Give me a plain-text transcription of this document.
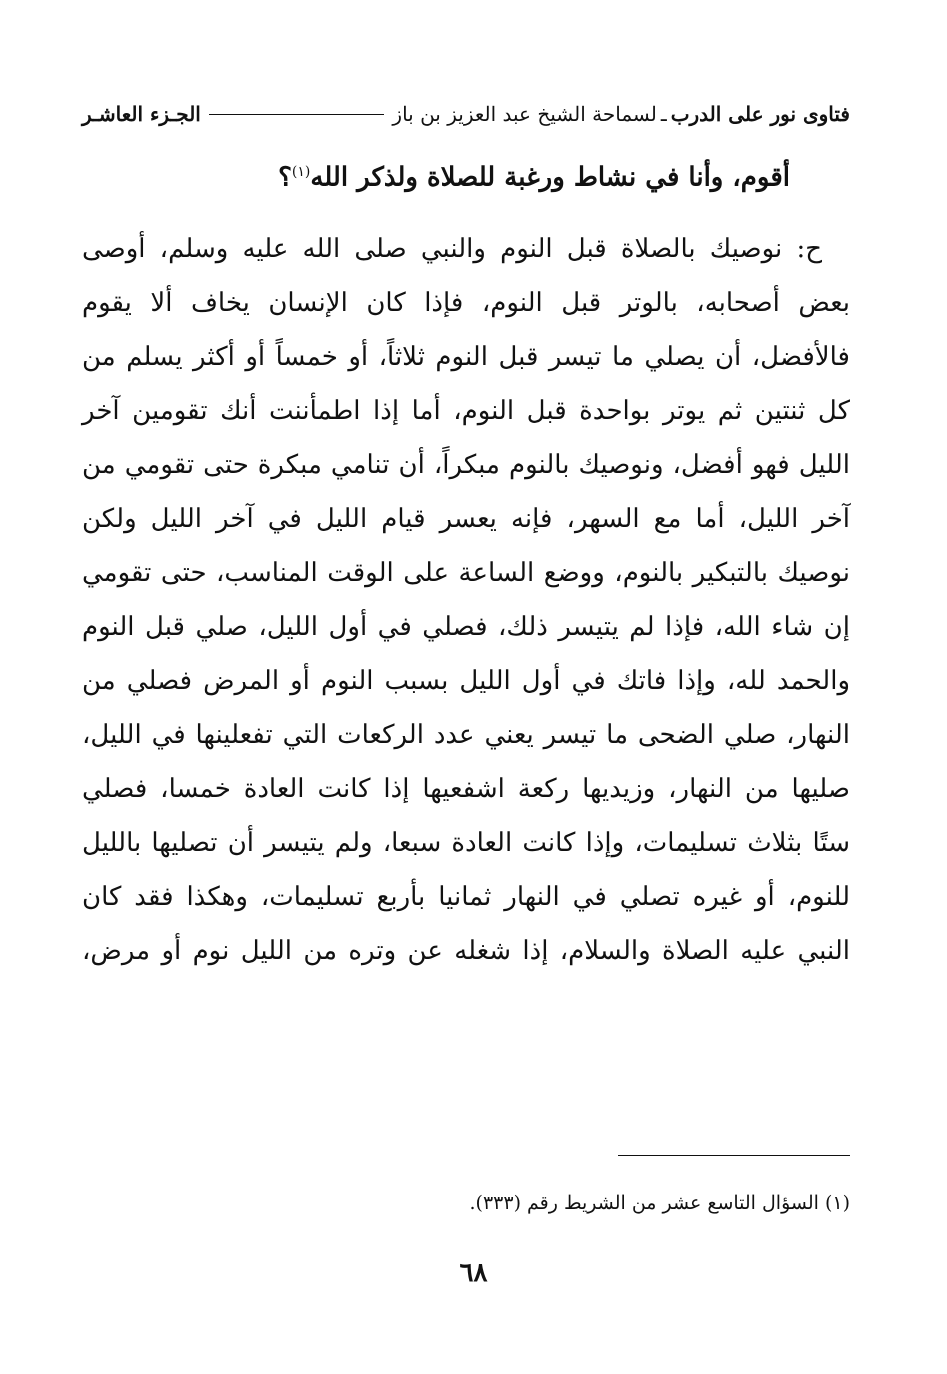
فتاوى نور على الدرب
ـ
لسماحة الشيخ عبد العزيز بن باز
الجـزء العاشـر
أقوم، وأنا في نشاط ورغبة للصلاة ولذكر الله$^{(١)}$؟
ح: نوصيك بالصلاة قبل النوم والنبي صلى الله عليه وسلم، أوصى
بعض أصحابه، بالوتر قبل النوم، فإذا كان الإنسان يخاف ألا يقوم
فالأفضل، أن يصلي ما تيسر قبل النوم ثلاثاً، أو خمساً أو أكثر يسلم من
كل ثنتين ثم يوتر بواحدة قبل النوم، أما إذا اطمأننت أنك تقومين آخر
الليل فهو أفضل، ونوصيك بالنوم مبكراً، أن تنامي مبكرة حتى تقومي من
آخر الليل، أما مع السهر، فإنه يعسر قيام الليل في آخر الليل ولكن
نوصيك بالتبكير بالنوم، ووضع الساعة على الوقت المناسب، حتى تقومي
إن شاء الله، فإذا لم يتيسر ذلك، فصلي في أول الليل، صلي قبل النوم
والحمد لله، وإذا فاتك في أول الليل بسبب النوم أو المرض فصلي من
النهار، صلي الضحى ما تيسر يعني عدد الركعات التي تفعلينها في الليل،
صليها من النهار، وزيديها ركعة اشفعيها إذا كانت العادة خمسا، فصلي
ستًا بثلاث تسليمات، وإذا كانت العادة سبعا، ولم يتيسر أن تصليها بالليل
للنوم، أو غيره تصلي في النهار ثمانيا بأربع تسليمات، وهكذا فقد كان
النبي عليه الصلاة والسلام، إذا شغله عن وتره من الليل نوم أو مرض،
(١) السؤال التاسع عشر من الشريط رقم (٣٣٣).
٦٨
